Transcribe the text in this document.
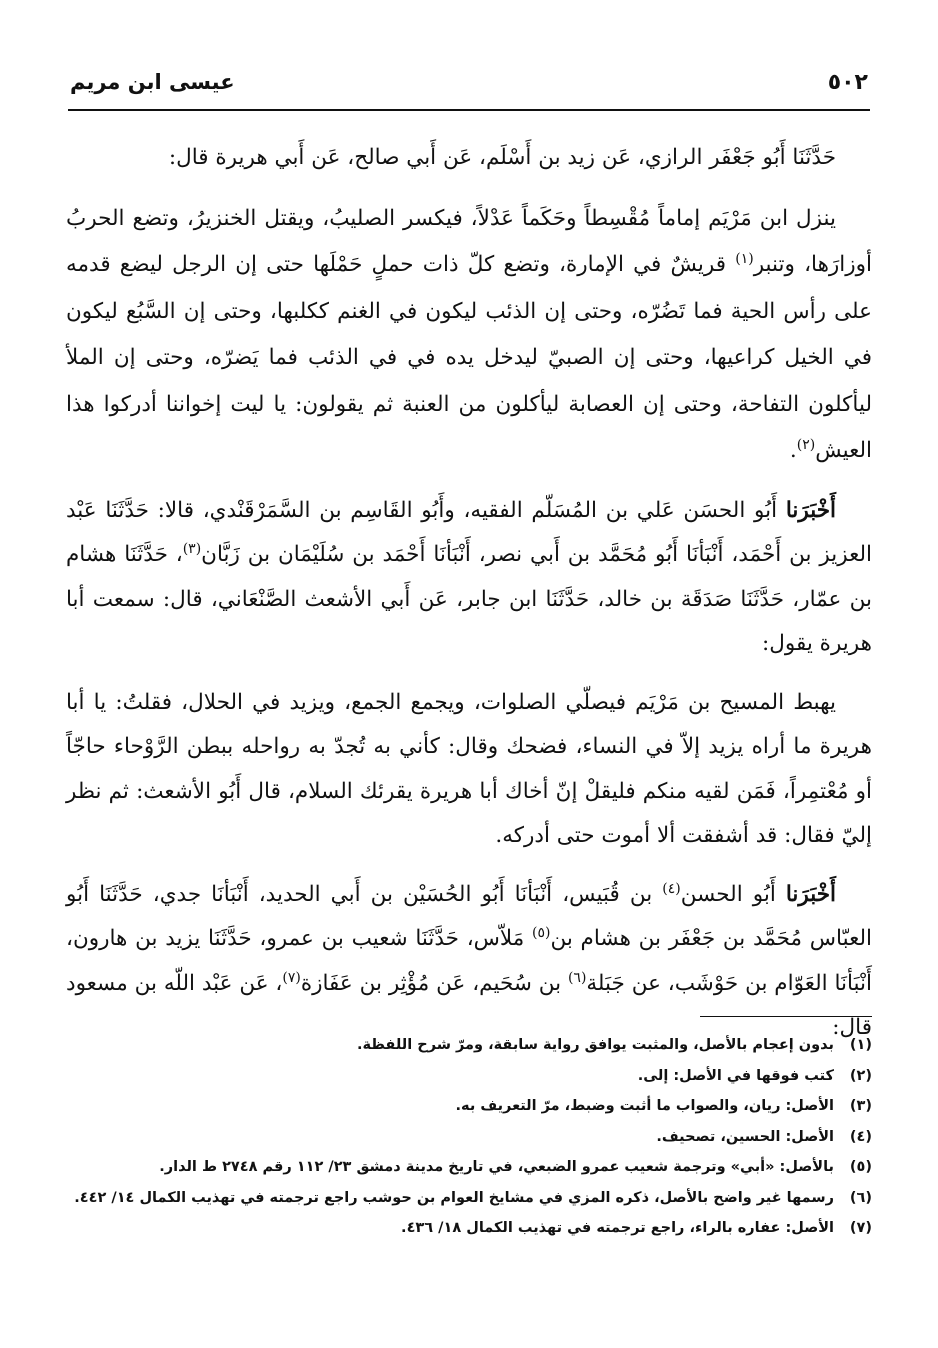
٥٠٢
عيسى ابن مريم

حَدَّثَنَا أَبُو جَعْفَر الرازي، عَن زيد بن أَسْلَم، عَن أَبي صالح، عَن أَبي هريرة قال:

ينزل ابن مَرْيَم إماماً مُقْسِطاً وحَكَماً عَدْلاً، فيكسر الصليبُ، ويقتل الخنزيرُ، وتضع الحربُ أوزارَها، وتنبر$^{(١)}$ قريشٌ في الإمارة، وتضع كلّ ذات حملٍ حَمْلَها حتى إن الرجل ليضع قدمه على رأس الحية فما تَضُرّه، وحتى إن الذئب ليكون في الغنم ككلبها، وحتى إن السَّبُع ليكون في الخيل كراعيها، وحتى إن الصبيّ ليدخل يده في في الذئب فما يَضرّه، وحتى إن الملأ ليأكلون التفاحة، وحتى إن العصابة ليأكلون من العنبة ثم يقولون: يا ليت إخواننا أدركوا هذا العيش$^{(٢)}$.

أَخْبَرَنا أَبُو الحسَن عَلي بن المُسَلّم الفقيه، وأَبُو القَاسِم بن السَّمَرْقَنْدي، قالا: حَدَّثَنَا عَبْد العزيز بن أَحْمَد، أَنْبَأنَا أَبُو مُحَمَّد بن أَبي نصر، أَنْبَأنَا أَحْمَد بن سُلَيْمَان بن زَبَّان$^{(٣)}$، حَدَّثَنَا هشام بن عمّار، حَدَّثَنَا صَدَقَة بن خالد، حَدَّثَنَا ابن جابر، عَن أَبي الأشعث الصَّنْعَاني، قال: سمعت أبا هريرة يقول:

يهبط المسيح بن مَرْيَم فيصلّي الصلوات، ويجمع الجمع، ويزيد في الحلال، فقلتُ: يا أبا هريرة ما أراه يزيد إلاّ في النساء، فضحك وقال: كأني به تُجدّ به رواحله ببطن الرَّوْحاء حاجّاً أو مُعْتمِراً، فَمَن لقيه منكم فليقلْ إنّ أخاك أبا هريرة يقرئك السلام، قال أَبُو الأشعث: ثم نظر إليّ فقال: قد أشفقت ألا أموت حتى أدركه.

أَخْبَرَنا أَبُو الحسن$^{(٤)}$ بن قُبَيس، أَنْبَأنَا أَبُو الحُسَيْن بن أَبي الحديد، أَنْبَأنَا جدي، حَدَّثَنَا أَبُو العبّاس مُحَمَّد بن جَعْفَر بن هشام بن$^{(٥)}$ مَلاّس، حَدَّثَنَا شعيب بن عمرو، حَدَّثَنَا يزيد بن هارون، أَنْبَأنَا العَوّام بن حَوْشَب، عن جَبَلة$^{(٦)}$ بن سُحَيم، عَن مُؤْثِر بن عَفَازة$^{(٧)}$، عَن عَبْد اللّه بن مسعود قال:

(١)
بدون إعجام بالأصل، والمثبت يوافق رواية سابقة، ومرّ شرح اللفظة.
(٢)
كتب فوقها في الأصل: إلى.
(٣)
الأصل: ريان، والصواب ما أثبت وضبط، مرّ التعريف به.
(٤)
الأصل: الحسين، تصحيف.
(٥)
بالأصل: «أبي» وترجمة شعيب عمرو الضبعي، في تاريخ مدينة دمشق ٢٣/ ١١٢ رقم ٢٧٤٨ ط الدار.
(٦)
رسمها غير واضح بالأصل، ذكره المزي في مشايخ العوام بن حوشب راجع ترجمته في تهذيب الكمال ١٤/ ٤٤٢.
(٧)
الأصل: عفاره بالراء، راجع ترجمته في تهذيب الكمال ١٨/ ٤٣٦.
